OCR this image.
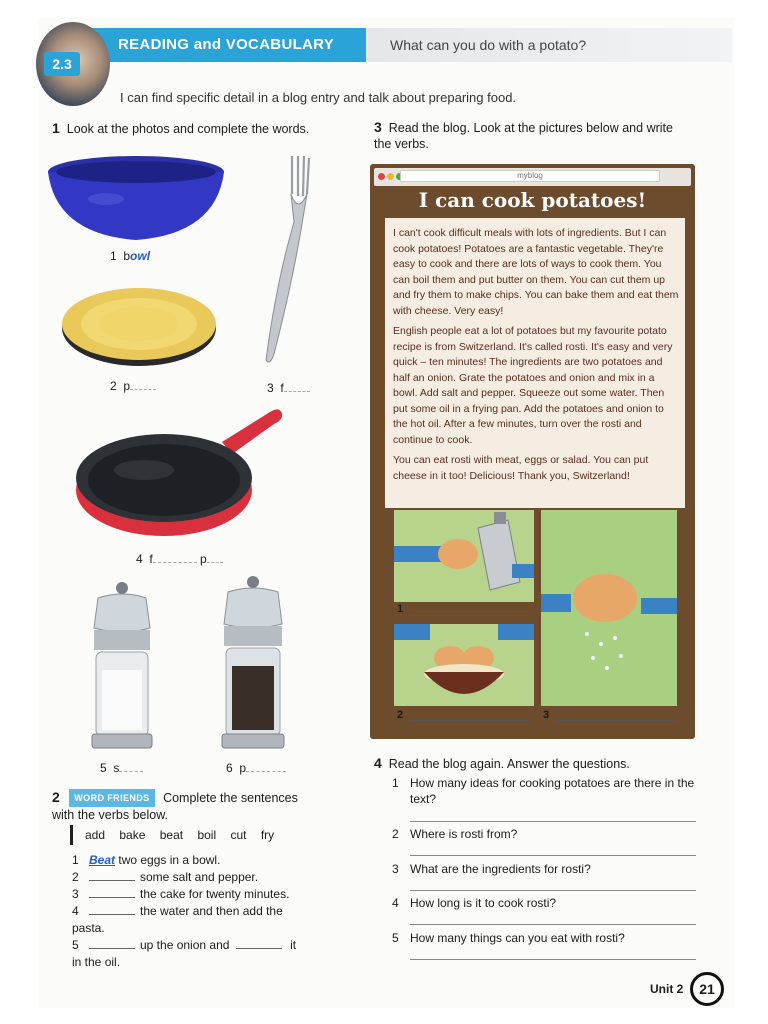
2.3
READING and VOCABULARY	What can you do with a potato?
I can find specific detail in a blog entry and talk about preparing food.
1 Look at the photos and complete the words.
1 bowl
2 p	3 f
4 f	p
5 s	6 p
2 WORD FRIENDS Complete the sentences with the verbs below.
add bake beat boil cut fry
1 Beat two eggs in a bowl.
2	some salt and pepper.
3	the cake for twenty minutes.
4	the water and then add the
pasta.
5	up the onion and	it
in the oil.
3 Read the blog. Look at the pictures below and write the verbs.
myblog
I can cook potatoes!

I can't cook difficult meals with lots of ingredients. But I can cook potatoes! Potatoes are a fantastic vegetable. They're easy to cook and there are lots of ways to cook them. You can boil them and put butter on them. You can cut them up and fry them to make chips. You can bake them and eat them with cheese. Very easy!

English people eat a lot of potatoes but my favourite potato recipe is from Switzerland. It's called rosti. It's easy and very quick – ten minutes! The ingredients are two potatoes and half an onion. Grate the potatoes and onion and mix in a bowl. Add salt and pepper. Squeeze out some water. Then put some oil in a frying pan. Add the potatoes and onion to the hot oil. After a few minutes, turn over the rosti and continue to cook.

You can eat rosti with meat, eggs or salad. You can put cheese in it too! Delicious! Thank you, Switzerland!

1
2	3
4 Read the blog again. Answer the questions.
1 How many ideas for cooking potatoes are there in the text?
2 Where is rosti from?
3 What are the ingredients for rosti?
4 How long is it to cook rosti?
5 How many things can you eat with rosti?
Unit 2	21
